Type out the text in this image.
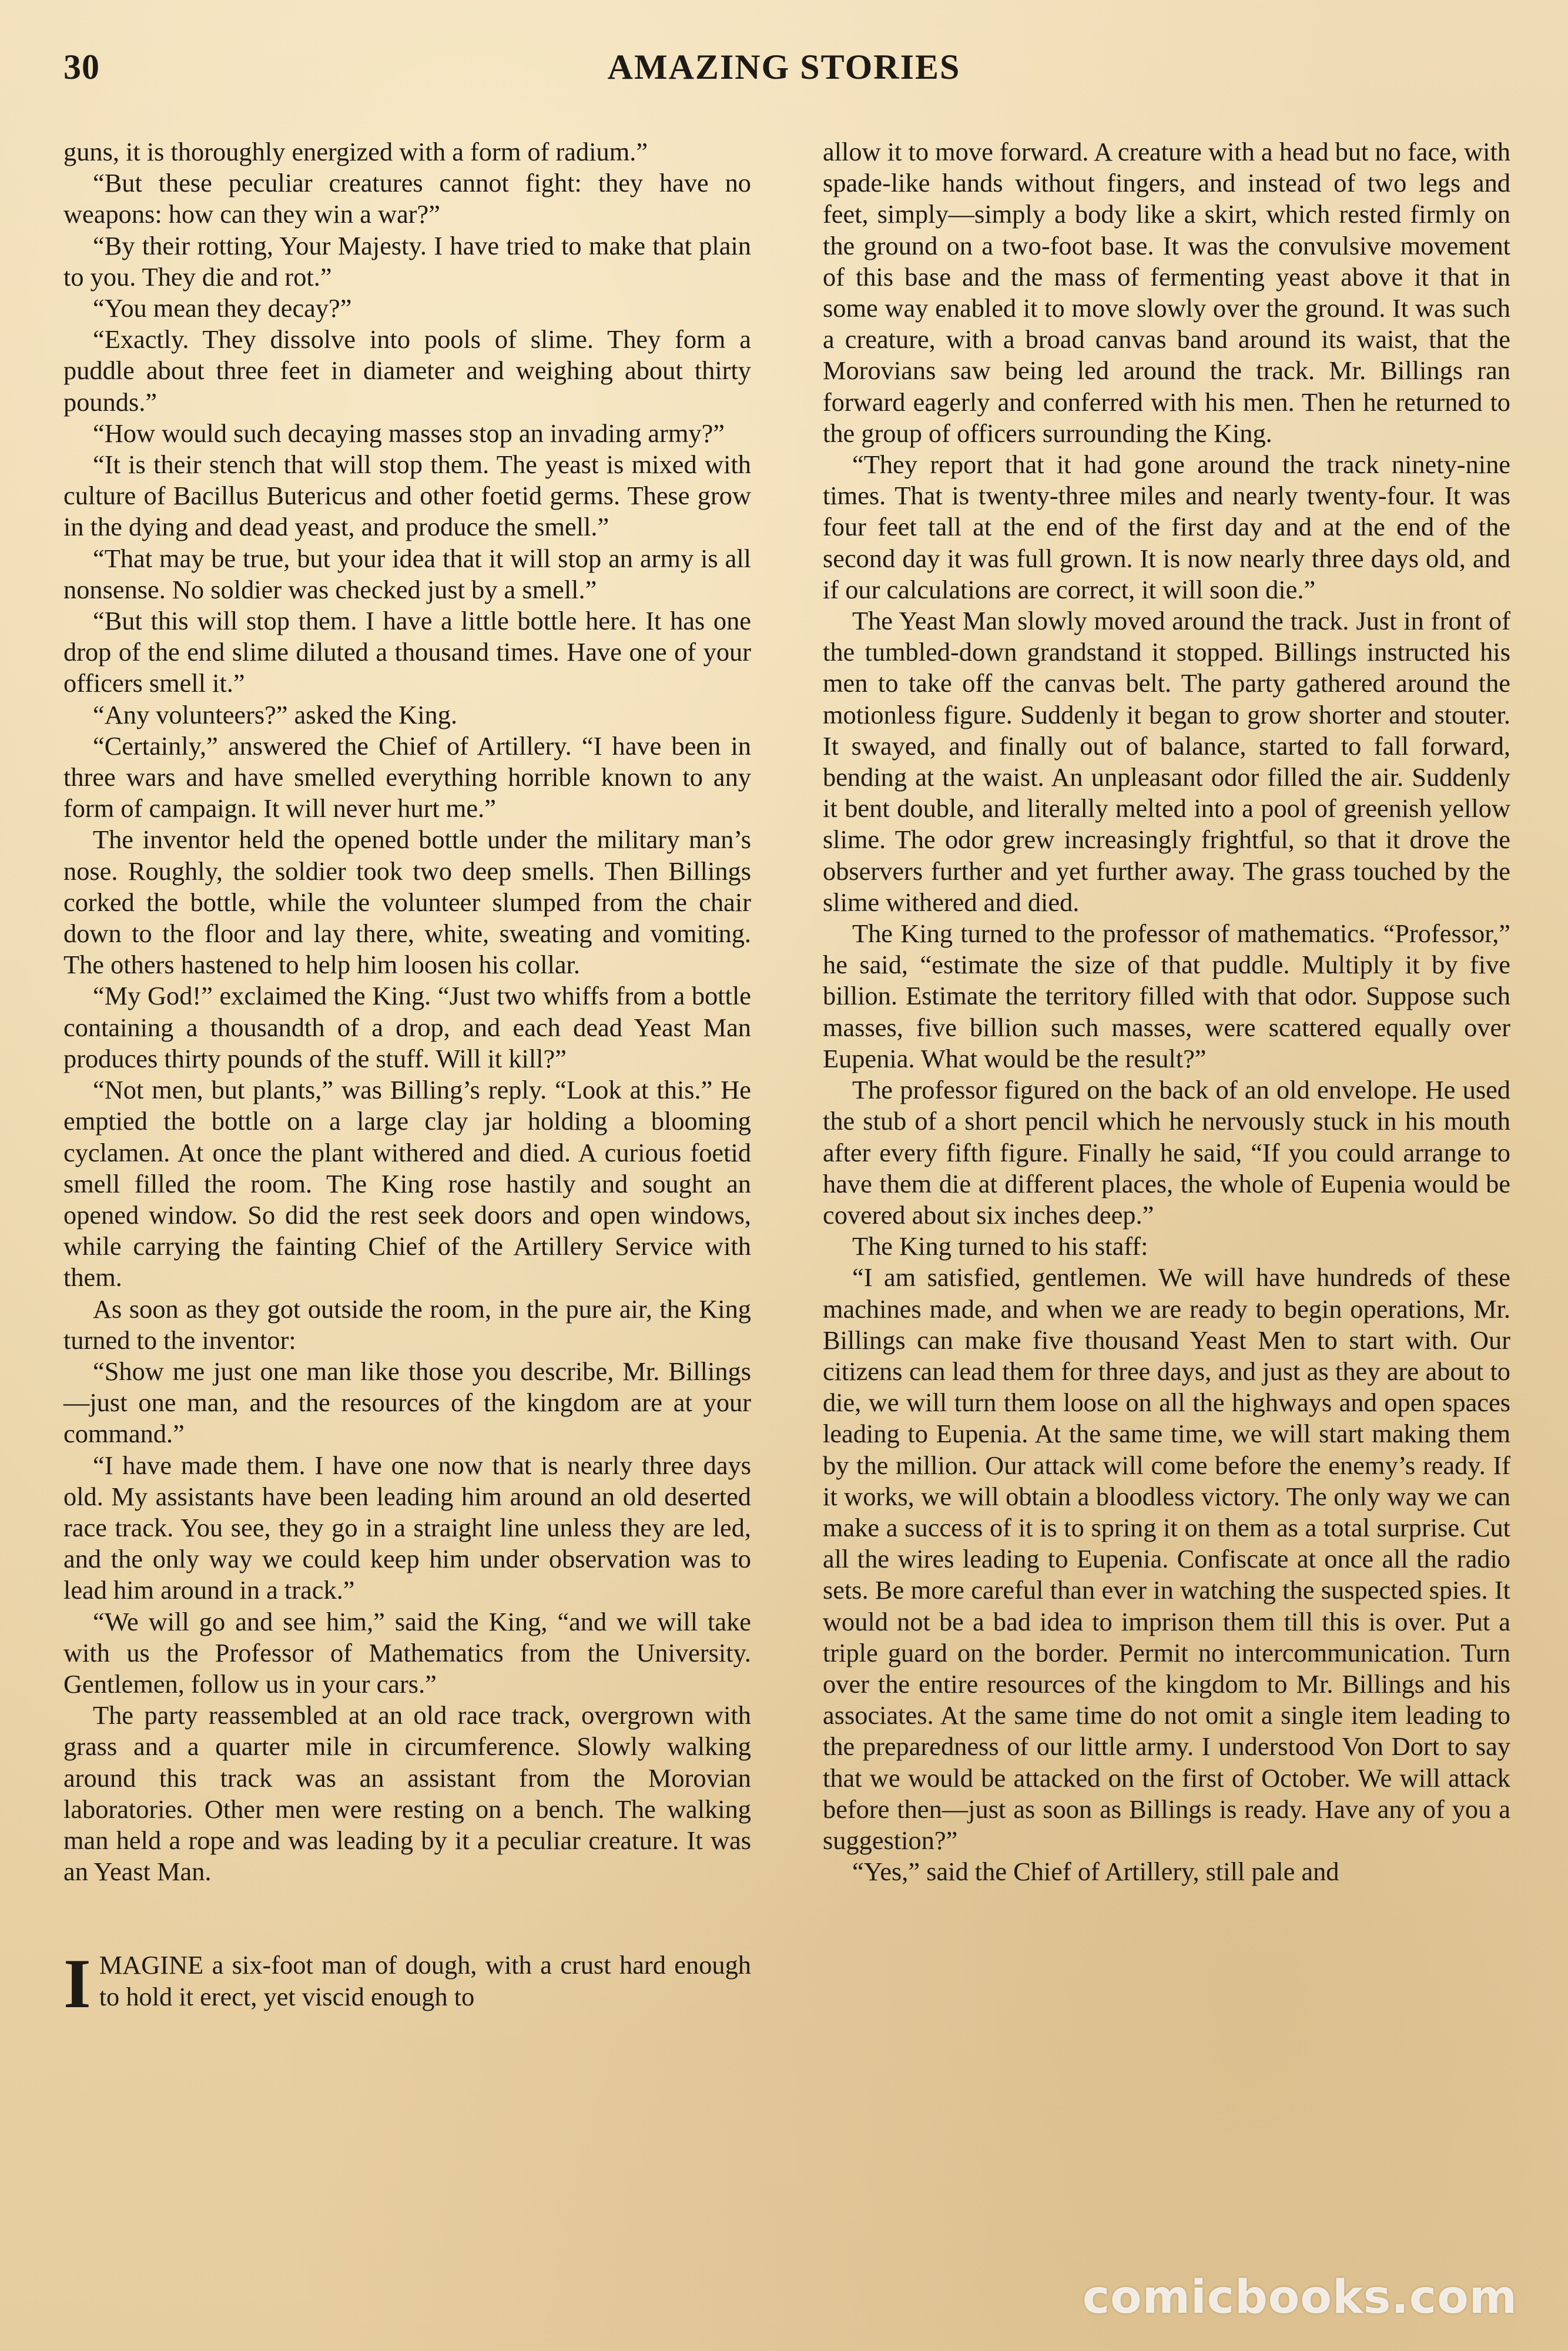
30	AMAZING STORIES

guns, it is thoroughly energized with a form of radium.”

“But these peculiar creatures cannot fight: they have no weapons: how can they win a war?”

“By their rotting, Your Majesty. I have tried to make that plain to you. They die and rot.”

“You mean they decay?”

“Exactly. They dissolve into pools of slime. They form a puddle about three feet in diameter and weighing about thirty pounds.”

“How would such decaying masses stop an invading army?”

“It is their stench that will stop them. The yeast is mixed with culture of Bacillus Butericus and other foetid germs. These grow in the dying and dead yeast, and produce the smell.”

“That may be true, but your idea that it will stop an army is all nonsense. No soldier was checked just by a smell.”

“But this will stop them. I have a little bottle here. It has one drop of the end slime diluted a thousand times. Have one of your officers smell it.”

“Any volunteers?” asked the King.

“Certainly,” answered the Chief of Artillery. “I have been in three wars and have smelled everything horrible known to any form of campaign. It will never hurt me.”

The inventor held the opened bottle under the military man’s nose. Roughly, the soldier took two deep smells. Then Billings corked the bottle, while the volunteer slumped from the chair down to the floor and lay there, white, sweating and vomiting. The others hastened to help him loosen his collar.

“My God!” exclaimed the King. “Just two whiffs from a bottle containing a thousandth of a drop, and each dead Yeast Man produces thirty pounds of the stuff. Will it kill?”

“Not men, but plants,” was Billing’s reply. “Look at this.” He emptied the bottle on a large clay jar holding a blooming cyclamen. At once the plant withered and died. A curious foetid smell filled the room. The King rose hastily and sought an opened window. So did the rest seek doors and open windows, while carrying the fainting Chief of the Artillery Service with them.

As soon as they got outside the room, in the pure air, the King turned to the inventor:

“Show me just one man like those you describe, Mr. Billings—just one man, and the resources of the kingdom are at your command.”

“I have made them. I have one now that is nearly three days old. My assistants have been leading him around an old deserted race track. You see, they go in a straight line unless they are led, and the only way we could keep him under observation was to lead him around in a track.”

“We will go and see him,” said the King, “and we will take with us the Professor of Mathematics from the University. Gentlemen, follow us in your cars.”

The party reassembled at an old race track, overgrown with grass and a quarter mile in circumference. Slowly walking around this track was an assistant from the Morovian laboratories. Other men were resting on a bench. The walking man held a rope and was leading by it a peculiar creature. It was an Yeast Man.

IMAGINE a six-foot man of dough, with a crust hard enough to hold it erect, yet viscid enough to

allow it to move forward. A creature with a head but no face, with spade-like hands without fingers, and instead of two legs and feet, simply—simply a body like a skirt, which rested firmly on the ground on a two-foot base. It was the convulsive movement of this base and the mass of fermenting yeast above it that in some way enabled it to move slowly over the ground. It was such a creature, with a broad canvas band around its waist, that the Morovians saw being led around the track. Mr. Billings ran forward eagerly and conferred with his men. Then he returned to the group of officers surrounding the King.

“They report that it had gone around the track ninety-nine times. That is twenty-three miles and nearly twenty-four. It was four feet tall at the end of the first day and at the end of the second day it was full grown. It is now nearly three days old, and if our calculations are correct, it will soon die.”

The Yeast Man slowly moved around the track. Just in front of the tumbled-down grandstand it stopped. Billings instructed his men to take off the canvas belt. The party gathered around the motionless figure. Suddenly it began to grow shorter and stouter. It swayed, and finally out of balance, started to fall forward, bending at the waist. An unpleasant odor filled the air. Suddenly it bent double, and literally melted into a pool of greenish yellow slime. The odor grew increasingly frightful, so that it drove the observers further and yet further away. The grass touched by the slime withered and died.

The King turned to the professor of mathematics. “Professor,” he said, “estimate the size of that puddle. Multiply it by five billion. Estimate the territory filled with that odor. Suppose such masses, five billion such masses, were scattered equally over Eupenia. What would be the result?”

The professor figured on the back of an old envelope. He used the stub of a short pencil which he nervously stuck in his mouth after every fifth figure. Finally he said, “If you could arrange to have them die at different places, the whole of Eupenia would be covered about six inches deep.”

The King turned to his staff:

“I am satisfied, gentlemen. We will have hundreds of these machines made, and when we are ready to begin operations, Mr. Billings can make five thousand Yeast Men to start with. Our citizens can lead them for three days, and just as they are about to die, we will turn them loose on all the highways and open spaces leading to Eupenia. At the same time, we will start making them by the million. Our attack will come before the enemy’s ready. If it works, we will obtain a bloodless victory. The only way we can make a success of it is to spring it on them as a total surprise. Cut all the wires leading to Eupenia. Confiscate at once all the radio sets. Be more careful than ever in watching the suspected spies. It would not be a bad idea to imprison them till this is over. Put a triple guard on the border. Permit no intercommunication. Turn over the entire resources of the kingdom to Mr. Billings and his associates. At the same time do not omit a single item leading to the preparedness of our little army. I understood Von Dort to say that we would be attacked on the first of October. We will attack before then—just as soon as Billings is ready. Have any of you a suggestion?”

“Yes,” said the Chief of Artillery, still pale and

comicbooks.com
